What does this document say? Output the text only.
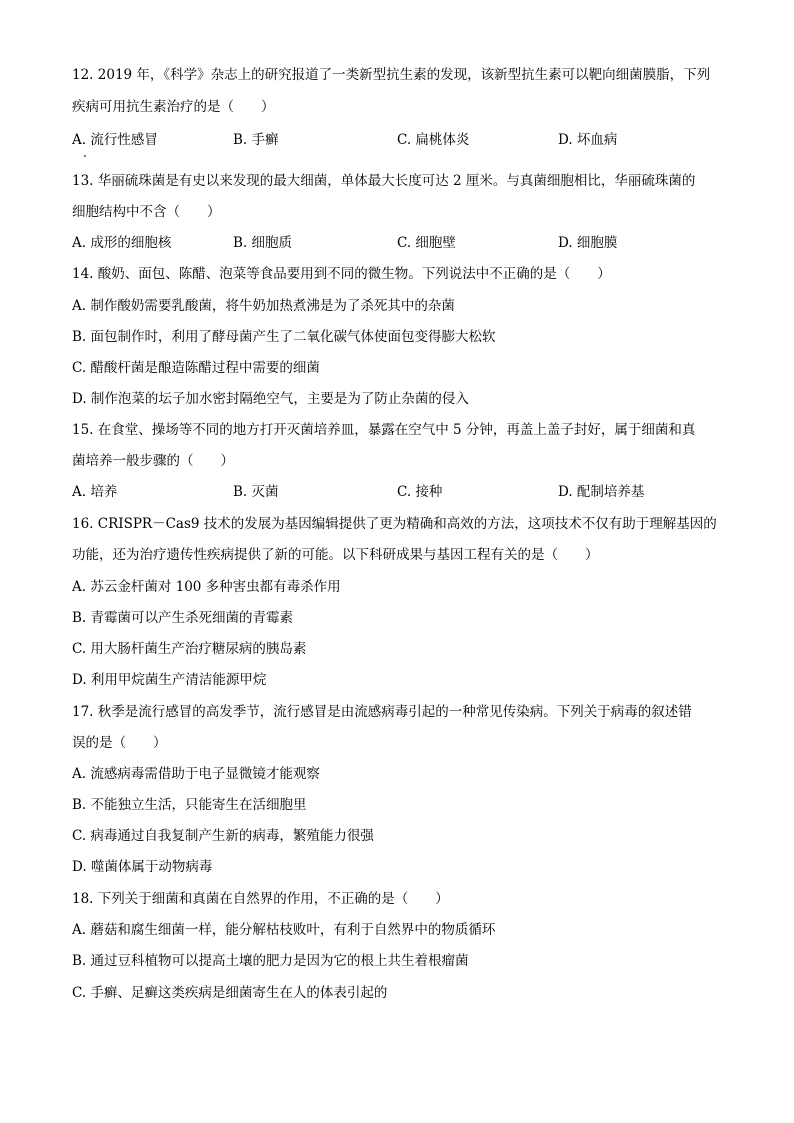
12. 2019 年，《科学》杂志上的研究报道了一类新型抗生素的发现，该新型抗生素可以靶向细菌膜脂，下列
疾病可用抗生素治疗的是（　　）
A. 流行性感冒	B. 手癣	C. 扁桃体炎	D. 坏血病
13. 华丽硫珠菌是有史以来发现的最大细菌，单体最大长度可达 2 厘米。与真菌细胞相比，华丽硫珠菌的
细胞结构中不含（　　）
A. 成形的细胞核	B. 细胞质	C. 细胞壁	D. 细胞膜
14. 酸奶、面包、陈醋、泡菜等食品要用到不同的微生物。下列说法中不正确的是（　　）
A. 制作酸奶需要乳酸菌，将牛奶加热煮沸是为了杀死其中的杂菌
B. 面包制作时，利用了酵母菌产生了二氧化碳气体使面包变得膨大松软
C. 醋酸杆菌是酿造陈醋过程中需要的细菌
D. 制作泡菜的坛子加水密封隔绝空气，主要是为了防止杂菌的侵入
15. 在食堂、操场等不同的地方打开灭菌培养皿，暴露在空气中 5 分钟，再盖上盖子封好，属于细菌和真
菌培养一般步骤的（　　）
A. 培养	B. 灭菌	C. 接种	D. 配制培养基
16. CRISPR－Cas9 技术的发展为基因编辑提供了更为精确和高效的方法，这项技术不仅有助于理解基因的
功能，还为治疗遗传性疾病提供了新的可能。以下科研成果与基因工程有关的是（　　）
A. 苏云金杆菌对 100 多种害虫都有毒杀作用
B. 青霉菌可以产生杀死细菌的青霉素
C. 用大肠杆菌生产治疗糖尿病的胰岛素
D. 利用甲烷菌生产清洁能源甲烷
17. 秋季是流行感冒的高发季节，流行感冒是由流感病毒引起的一种常见传染病。下列关于病毒的叙述错
误的是（　　）
A. 流感病毒需借助于电子显微镜才能观察
B. 不能独立生活，只能寄生在活细胞里
C. 病毒通过自我复制产生新的病毒，繁殖能力很强
D. 噬菌体属于动物病毒
18. 下列关于细菌和真菌在自然界的作用，不正确的是（　　）
A. 蘑菇和腐生细菌一样，能分解枯枝败叶，有利于自然界中的物质循环
B. 通过豆科植物可以提高土壤的肥力是因为它的根上共生着根瘤菌
C. 手癣、足癣这类疾病是细菌寄生在人的体表引起的
